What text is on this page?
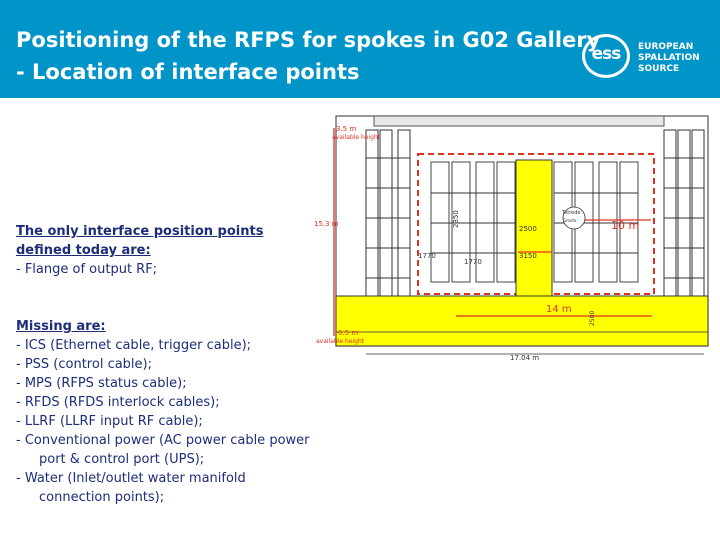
Positioning of the RFPS for spokes in G02 Gallery
- Location of interface points
ess	EUROPEAN
SPALLATION
SOURCE
3.5 m
available height
15.3 m	2350
2500
3150
1770
1770
Tetrode
Gmeta	10 m
14 m
2500
6.5 m
available height
17.04 m
The only interface position points
defined today are:
- Flange of output RF;
Missing are:
- ICS (Ethernet cable, trigger cable);
- PSS (control cable);
- MPS (RFPS status cable);
- RFDS (RFDS interlock cables);
- LLRF (LLRF input RF cable);
- Conventional power (AC power cable power port & control port (UPS);
- Water (Inlet/outlet water manifold connection points);
